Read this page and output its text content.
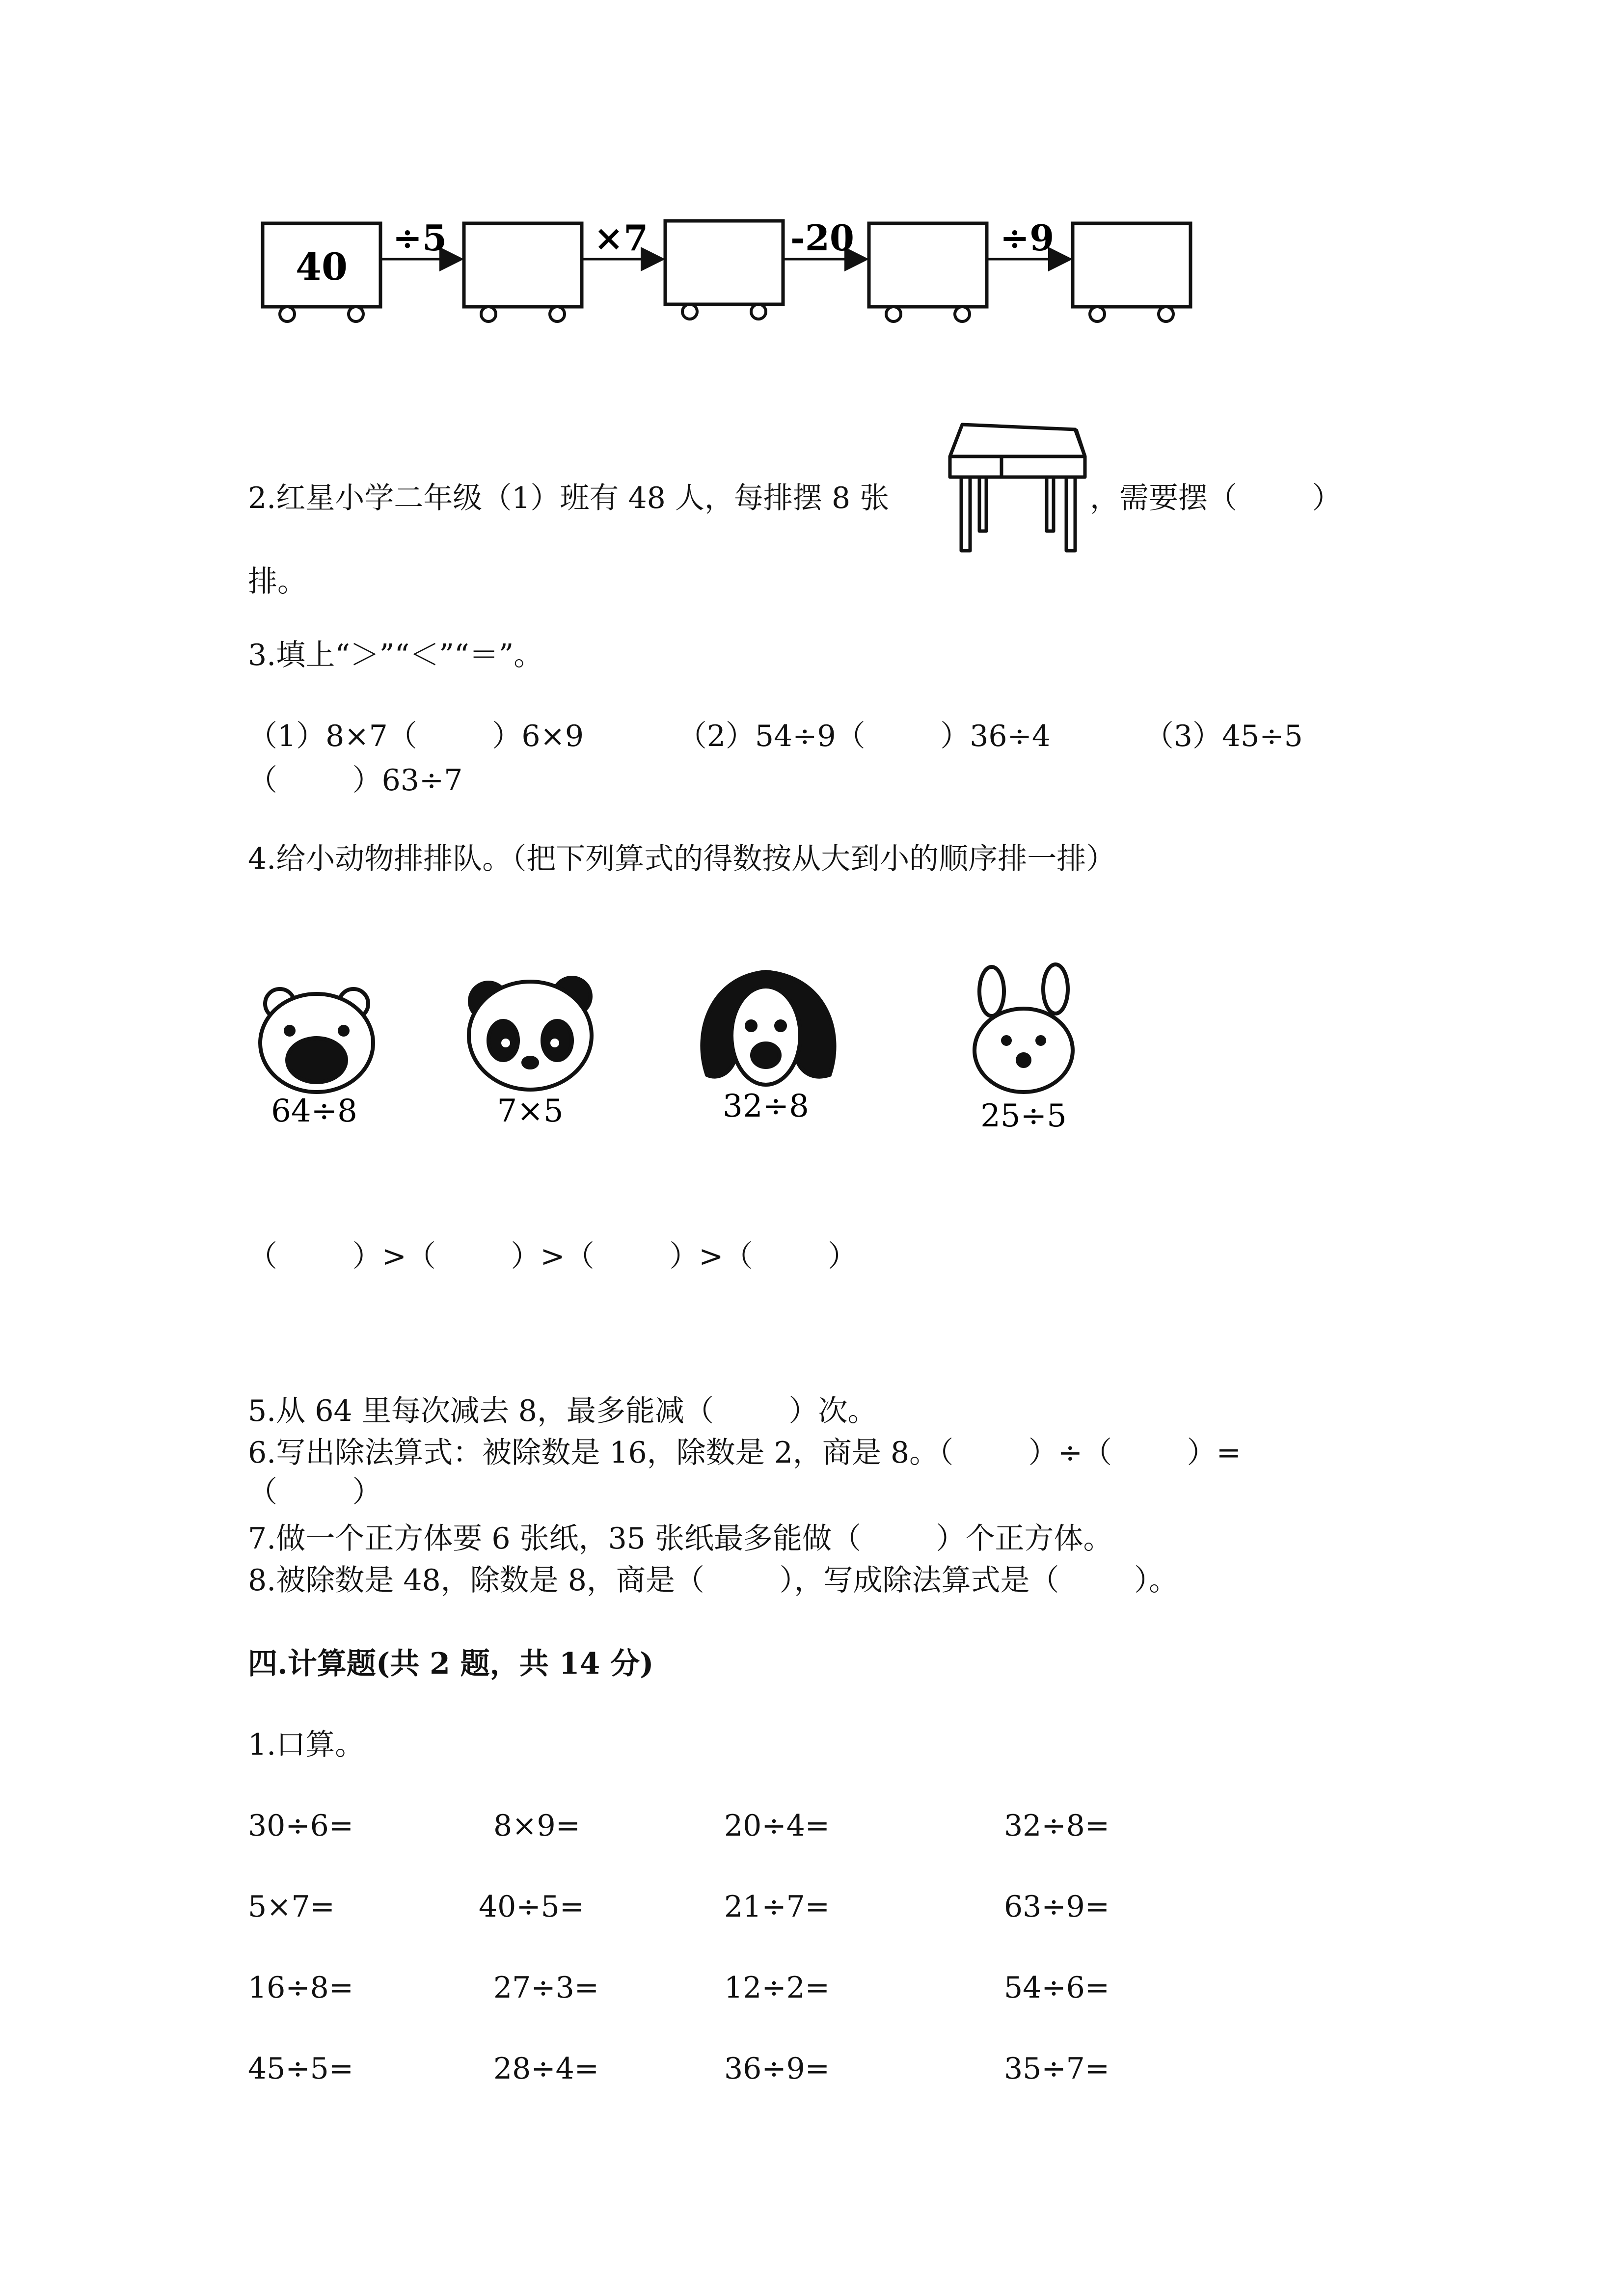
40
÷5	×7	-20	÷9
2.红星小学二年级（1）班有 48 人，每排摆 8 张	，需要摆（        ）
排。
3.填上“＞”“＜”“＝”。
（1）8×7（        ）6×9          （2）54÷9（        ）36÷4          （3）45÷5
（        ）63÷7
4.给小动物排排队。（把下列算式的得数按从大到小的顺序排一排）
64÷8	7×5	32÷8	25÷5
（        ）>（        ）>（        ）>（        ）
5.从 64 里每次减去 8，最多能减（        ）次。
6.写出除法算式：被除数是 16，除数是 2，商是 8。（        ）÷（        ）=
（        ）
7.做一个正方体要 6 张纸，35 张纸最多能做（        ）个正方体。
8.被除数是 48，除数是 8，商是（        ），写成除法算式是（        ）。
四.计算题(共 2 题，共 14 分)
1.口算。
30÷6=	8×9=	20÷4=	32÷8=
5×7=	40÷5=	21÷7=	63÷9=
16÷8=	27÷3=	12÷2=	54÷6=
45÷5=	28÷4=	36÷9=	35÷7=
